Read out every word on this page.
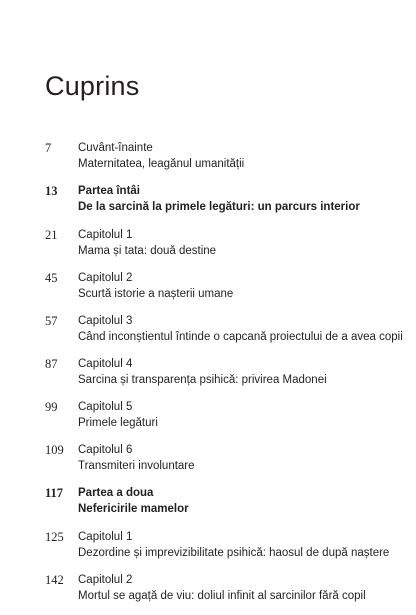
Cuprins
7	Cuvânt-înainte
Maternitatea, leagănul umanității
13	Partea întâi
De la sarcină la primele legături: un parcurs interior
21	Capitolul 1
Mama și tata: două destine
45	Capitolul 2
Scurtă istorie a nașterii umane
57	Capitolul 3
Când inconștientul întinde o capcană proiectului de a avea copii
87	Capitolul 4
Sarcina și transparența psihică: privirea Madonei
99	Capitolul 5
Primele legături
109	Capitolul 6
Transmiteri involuntare
117	Partea a doua
Nefericirile mamelor
125	Capitolul 1
Dezordine și imprevizibilitate psihică: haosul de după naștere
142	Capitolul 2
Mortul se agață de viu: doliul infinit al sarcinilor fără copil
